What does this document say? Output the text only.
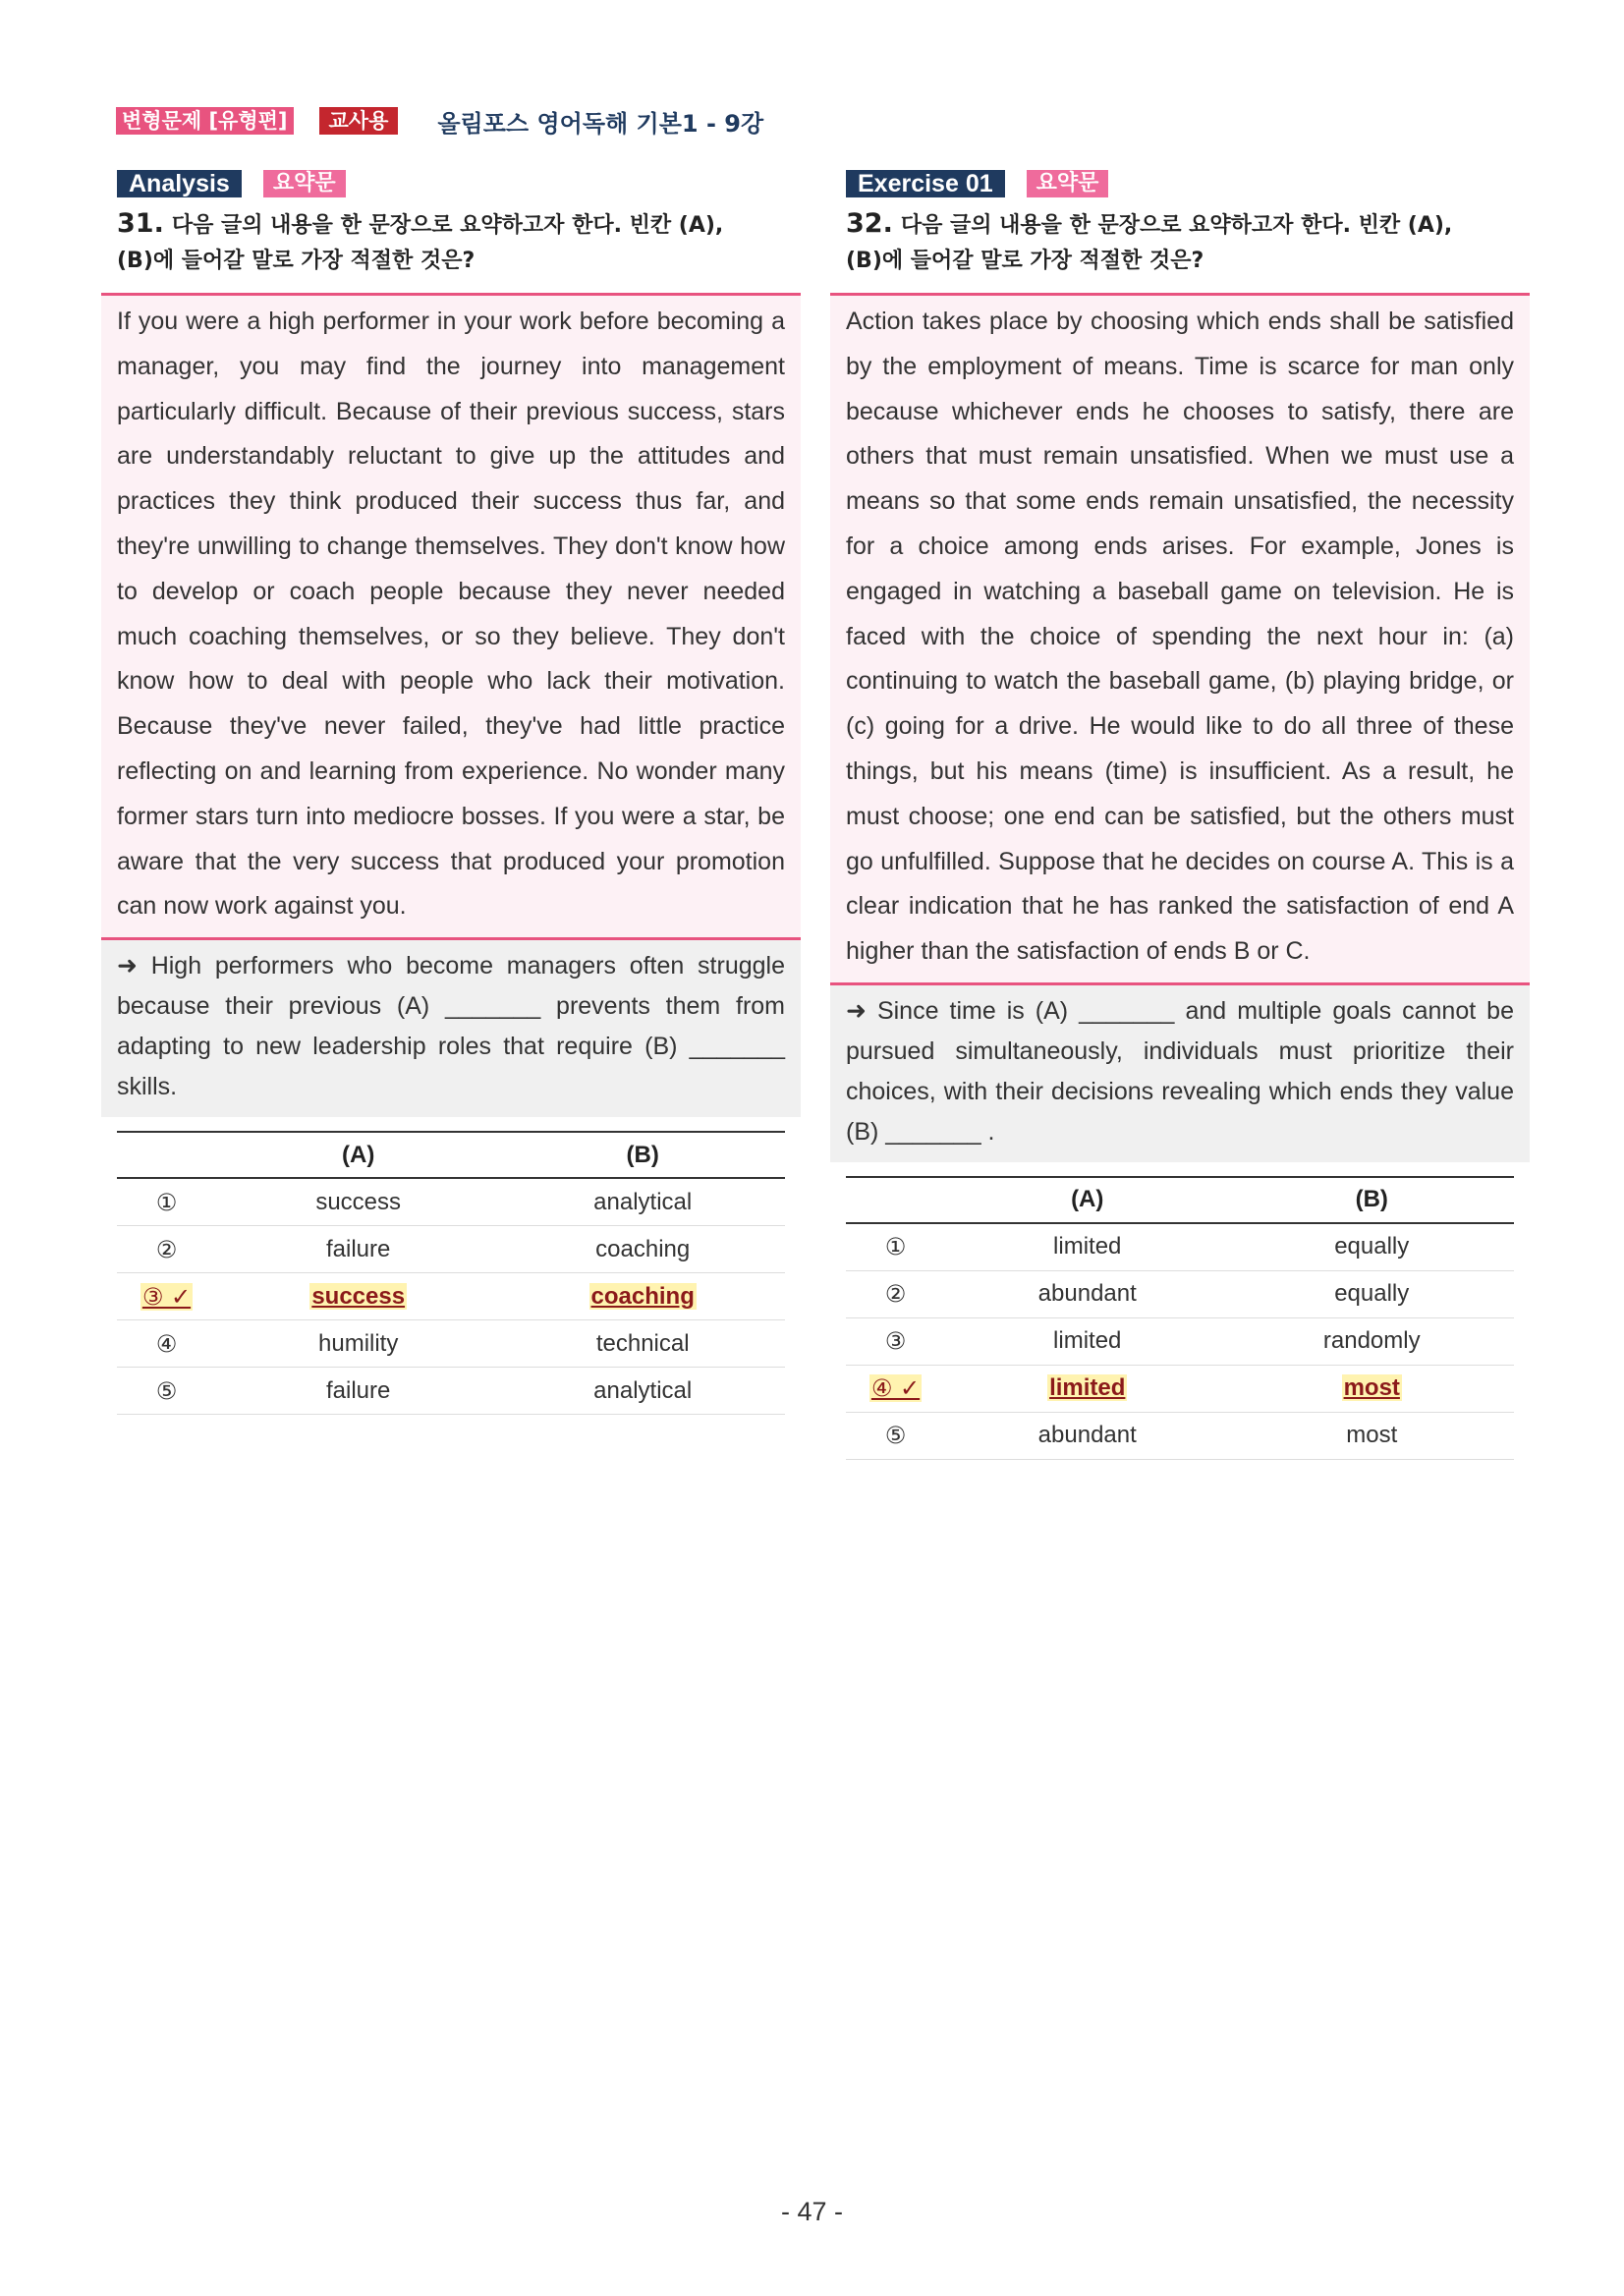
변형문제 [유형편]	교사용	올림포스 영어독해 기본1 - 9강
Analysis	요약문
31. 다음 글의 내용을 한 문장으로 요약하고자 한다. 빈칸 (A),
(B)에 들어갈 말로 가장 적절한 것은?
If you were a high performer in your work before becoming a manager, you may find the journey into management particularly difficult. Because of their previous success, stars are understandably reluctant to give up the attitudes and practices they think produced their success thus far, and they're unwilling to change themselves. They don't know how to develop or coach people because they never needed much coaching themselves, or so they believe. They don't know how to deal with people who lack their motivation. Because they've never failed, they've had little practice reflecting on and learning from experience. No wonder many former stars turn into mediocre bosses. If you were a star, be aware that the very success that produced your promotion can now work against you.
➜ High performers who become managers often struggle because their previous (A) _______ prevents them from adapting to new leadership roles that require (B) _______ skills.
	(A)	(B)
①	success	analytical
②	failure	coaching
③ ✓	success	coaching
④	humility	technical
⑤	failure	analytical
Exercise 01	요약문
32. 다음 글의 내용을 한 문장으로 요약하고자 한다. 빈칸 (A),
(B)에 들어갈 말로 가장 적절한 것은?
Action takes place by choosing which ends shall be satisfied by the employment of means. Time is scarce for man only because whichever ends he chooses to satisfy, there are others that must remain unsatisfied. When we must use a means so that some ends remain unsatisfied, the necessity for a choice among ends arises. For example, Jones is engaged in watching a baseball game on television. He is faced with the choice of spending the next hour in: (a) continuing to watch the baseball game, (b) playing bridge, or (c) going for a drive. He would like to do all three of these things, but his means (time) is insufficient. As a result, he must choose; one end can be satisfied, but the others must go unfulfilled. Suppose that he decides on course A. This is a clear indication that he has ranked the satisfaction of end A higher than the satisfaction of ends B or C.
➜ Since time is (A) _______ and multiple goals cannot be pursued simultaneously, individuals must prioritize their choices, with their decisions revealing which ends they value (B) _______ .
	(A)	(B)
①	limited	equally
②	abundant	equally
③	limited	randomly
④ ✓	limited	most
⑤	abundant	most
- 47 -
